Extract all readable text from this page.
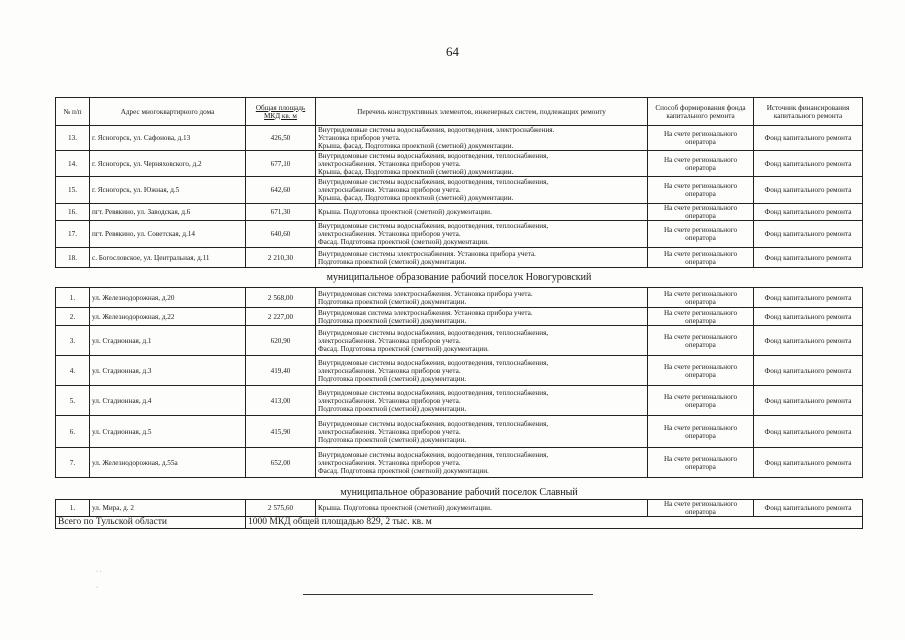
64
№ п/п	Адрес многоквартирного дома	Общая площадь МКД кв. м	Перечень конструктивных элементов, инженерных систем, подлежащих ремонту	Способ формирования фонда капитального ремонта	Источник финансирования капитального ремонта
13.	г. Ясногорск, ул. Сафонова, д.13	426,50	Внутридомовые системы водоснабжения, водоотведения, электроснабжения.
Установка приборов учета.
Крыша, фасад. Подготовка проектной (сметной) документации.	На счете регионального оператора	Фонд капитального ремонта
14.	г. Ясногорск, ул. Черняховского, д.2	677,10	Внутридомовые системы водоснабжения, водоотведения, теплоснабжения,
электроснабжения. Установка приборов учета.
Крыша, фасад. Подготовка проектной (сметной) документации.	На счете регионального оператора	Фонд капитального ремонта
15.	г. Ясногорск, ул. Южная, д.5	642,60	Внутридомовые системы водоснабжения, водоотведения, теплоснабжения,
электроснабжения. Установка приборов учета.
Крыша, фасад. Подготовка проектной (сметной) документации.	На счете регионального оператора	Фонд капитального ремонта
16.	пгт. Ревякино, ул. Заводская, д.6	671,30	Крыша. Подготовка проектной (сметной) документации.	На счете регионального оператора	Фонд капитального ремонта
17.	пгт. Ревякино, ул. Советская, д.14	640,60	Внутридомовые системы водоснабжения, водоотведения, теплоснабжения,
электроснабжения. Установка приборов учета.
Фасад. Подготовка проектной (сметной) документации.	На счете регионального оператора	Фонд капитального ремонта
18.	с. Богословское, ул. Центральная, д.11	2 210,30	Внутридомовые системы электроснабжения. Установка прибора учета.
Подготовка проектной (сметной) документации.	На счете регионального оператора	Фонд капитального ремонта
муниципальное образование рабочий поселок Новогуровский					
1.	ул. Железнодорожная, д.20	2 568,00	Внутридомовая система электроснабжения. Установка прибора учета.
Подготовка проектной (сметной) документации.	На счете регионального оператора	Фонд капитального ремонта
2.	ул. Железнодорожная, д.22	2 227,00	Внутридомовая система электроснабжения. Установка прибора учета.
Подготовка проектной (сметной) документации.	На счете регионального оператора	Фонд капитального ремонта
3.	ул. Стадионная, д.1	620,90	Внутридомовые системы водоснабжения, водоотведения, теплоснабжения,
электроснабжения. Установка приборов учета.
Фасад. Подготовка проектной (сметной) документации.	На счете регионального оператора	Фонд капитального ремонта
4.	ул. Стадионная, д.3	419,40	Внутридомовые системы водоснабжения, водоотведения, теплоснабжения,
электроснабжения. Установка приборов учета.
Подготовка проектной (сметной) документации.	На счете регионального оператора	Фонд капитального ремонта
5.	ул. Стадионная, д.4	413,00	Внутридомовые системы водоснабжения, водоотведения, теплоснабжения,
электроснабжения. Установка приборов учета.
Подготовка проектной (сметной) документации.	На счете регионального оператора	Фонд капитального ремонта
6.	ул. Стадионная, д.5	415,90	Внутридомовые системы водоснабжения, водоотведения, теплоснабжения,
электроснабжения. Установка приборов учета.
Подготовка проектной (сметной) документации.	На счете регионального оператора	Фонд капитального ремонта
7.	ул. Железнодорожная, д.55а	652,00	Внутридомовые системы водоснабжения, водоотведения, теплоснабжения,
электроснабжения. Установка приборов учета.
Фасад. Подготовка проектной (сметной) документации.	На счете регионального оператора	Фонд капитального ремонта
муниципальное образование рабочий поселок Славный					
1.	ул. Мира, д. 2	2 575,60	Крыша. Подготовка проектной (сметной) документации.	На счете регионального оператора	Фонд капитального ремонта
Всего по Тульской области		1000 МКД общей площадью 829, 2 тыс. кв. м			
· ·
·
